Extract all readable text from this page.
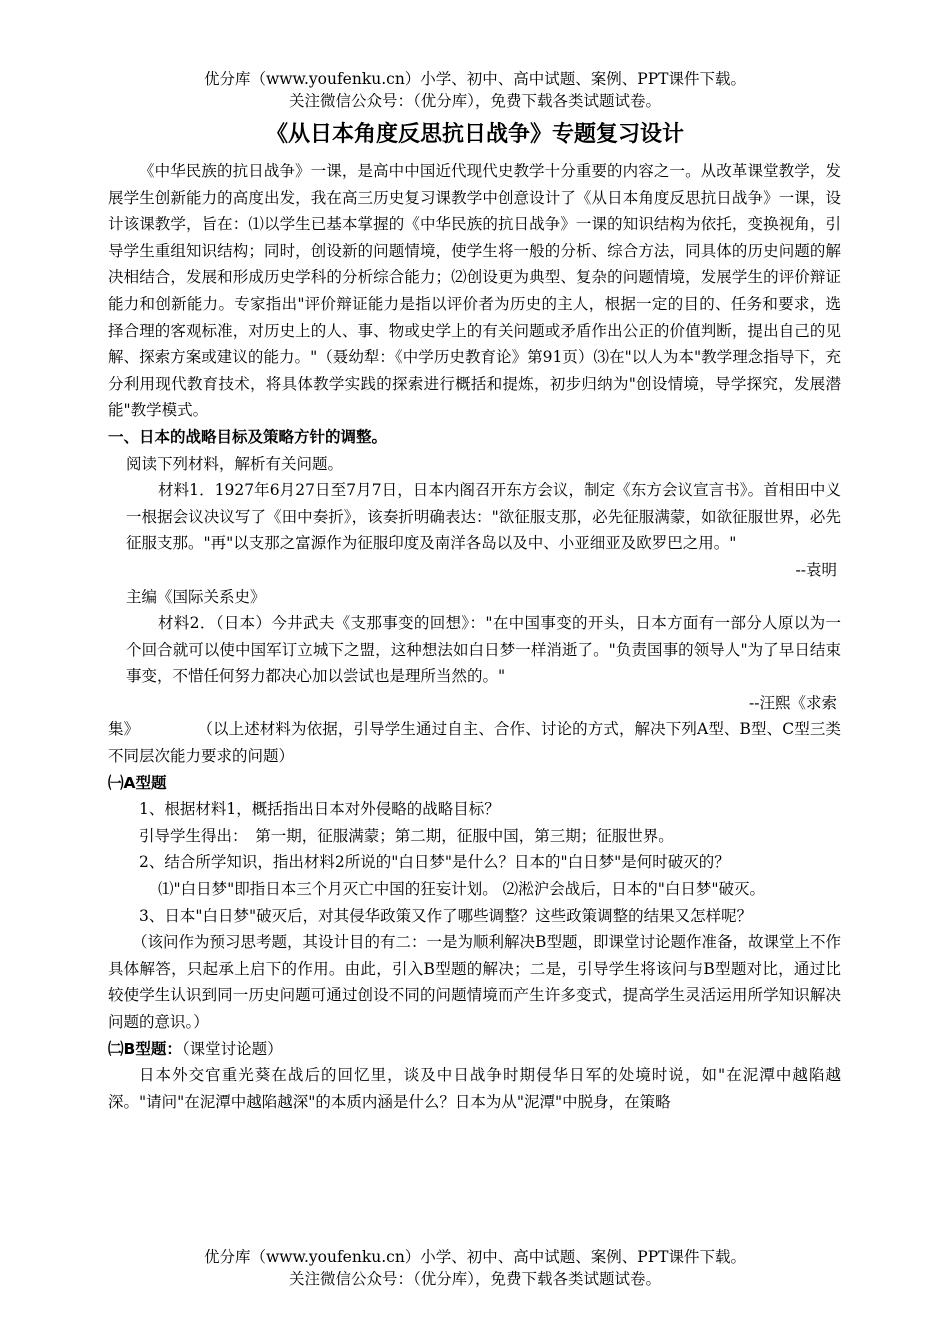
优分库（www.youfenku.cn）小学、初中、高中试题、案例、PPT课件下载。
关注微信公众号：（优分库），免费下载各类试题试卷。
《从日本角度反思抗日战争》专题复习设计

《中华民族的抗日战争》一课，是高中中国近代现代史教学十分重要的内容之一。从改革课堂教学，发展学生创新能力的高度出发，我在高三历史复习课教学中创意设计了《从日本角度反思抗日战争》一课，设计该课教学，旨在：⑴以学生已基本掌握的《中华民族的抗日战争》一课的知识结构为依托，变换视角，引导学生重组知识结构；同时，创设新的问题情境，使学生将一般的分析、综合方法，同具体的历史问题的解决相结合，发展和形成历史学科的分析综合能力；⑵创设更为典型、复杂的问题情境，发展学生的评价辩证能力和创新能力。专家指出"评价辩证能力是指以评价者为历史的主人，根据一定的目的、任务和要求，选择合理的客观标准，对历史上的人、事、物或史学上的有关问题或矛盾作出公正的价值判断，提出自己的见解、探索方案或建议的能力。"（聂幼犁：《中学历史教育论》第91页）⑶在"以人为本"教学理念指导下，充分利用现代教育技术，将具体教学实践的探索进行概括和提炼，初步归纳为"创设情境，导学探究，发展潜能"教学模式。

一、日本的战略目标及策略方针的调整。

阅读下列材料，解析有关问题。

材料1．1927年6月27日至7月7日，日本内阁召开东方会议，制定《东方会议宣言书》。首相田中义一根据会议决议写了《田中奏折》，该奏折明确表达："欲征服支那，必先征服满蒙，如欲征服世界，必先征服支那。"再"以支那之富源作为征服印度及南洋各岛以及中、小亚细亚及欧罗巴之用。"

--袁明

主编《国际关系史》

材料2．（日本）今井武夫《支那事变的回想》："在中国事变的开头，日本方面有一部分人原以为一个回合就可以使中国军订立城下之盟，这种想法如白日梦一样消逝了。"负责国事的领导人"为了早日结束事变，不惜任何努力都决心加以尝试也是理所当然的。"

--汪熙《求索

集》	（以上述材料为依据，引导学生通过自主、合作、讨论的方式，解决下列A型、B型、C型三类不同层次能力要求的问题）

㈠A型题

1、根据材料1，概括指出日本对外侵略的战略目标？

引导学生得出：　第一期，征服满蒙；第二期，征服中国，第三期；征服世界。

2、结合所学知识，指出材料2所说的"白日梦"是什么？日本的"白日梦"是何时破灭的？

⑴"白日梦"即指日本三个月灭亡中国的狂妄计划。 ⑵淞沪会战后，日本的"白日梦"破灭。

3、日本"白日梦"破灭后，对其侵华政策又作了哪些调整？这些政策调整的结果又怎样呢？

（该问作为预习思考题，其设计目的有二：一是为顺利解决B型题，即课堂讨论题作准备，故课堂上不作具体解答，只起承上启下的作用。由此，引入B型题的解决；二是，引导学生将该问与B型题对比，通过比较使学生认识到同一历史问题可通过创设不同的问题情境而产生许多变式，提高学生灵活运用所学知识解决问题的意识。）

㈡B型题：（课堂讨论题）

日本外交官重光葵在战后的回忆里，谈及中日战争时期侵华日军的处境时说，如"在泥潭中越陷越深。"请问"在泥潭中越陷越深"的本质内涵是什么？日本为从"泥潭"中脱身，在策略

优分库（www.youfenku.cn）小学、初中、高中试题、案例、PPT课件下载。
关注微信公众号：（优分库），免费下载各类试题试卷。
